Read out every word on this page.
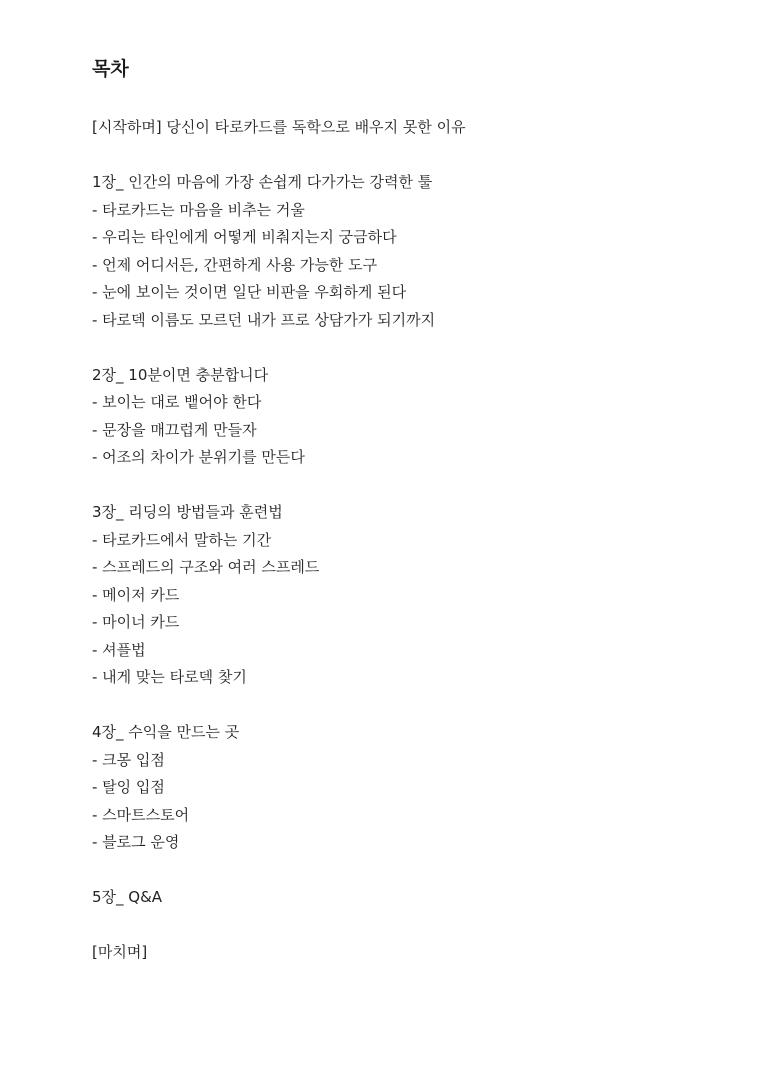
목차
[시작하며] 당신이 타로카드를 독학으로 배우지 못한 이유
1장_ 인간의 마음에 가장 손쉽게 다가가는 강력한 툴
- 타로카드는 마음을 비추는 거울
- 우리는 타인에게 어떻게 비춰지는지 궁금하다
- 언제 어디서든, 간편하게 사용 가능한 도구
- 눈에 보이는 것이면 일단 비판을 우회하게 된다
- 타로덱 이름도 모르던 내가 프로 상담가가 되기까지
2장_ 10분이면 충분합니다
- 보이는 대로 뱉어야 한다
- 문장을 매끄럽게 만들자
- 어조의 차이가 분위기를 만든다
3장_ 리딩의 방법들과 훈련법
- 타로카드에서 말하는 기간
- 스프레드의 구조와 여러 스프레드
- 메이저 카드
- 마이너 카드
- 셔플법
- 내게 맞는 타로덱 찾기
4장_ 수익을 만드는 곳
- 크몽 입점
- 탈잉 입점
- 스마트스토어
- 블로그 운영
5장_ Q&A
[마치며]
